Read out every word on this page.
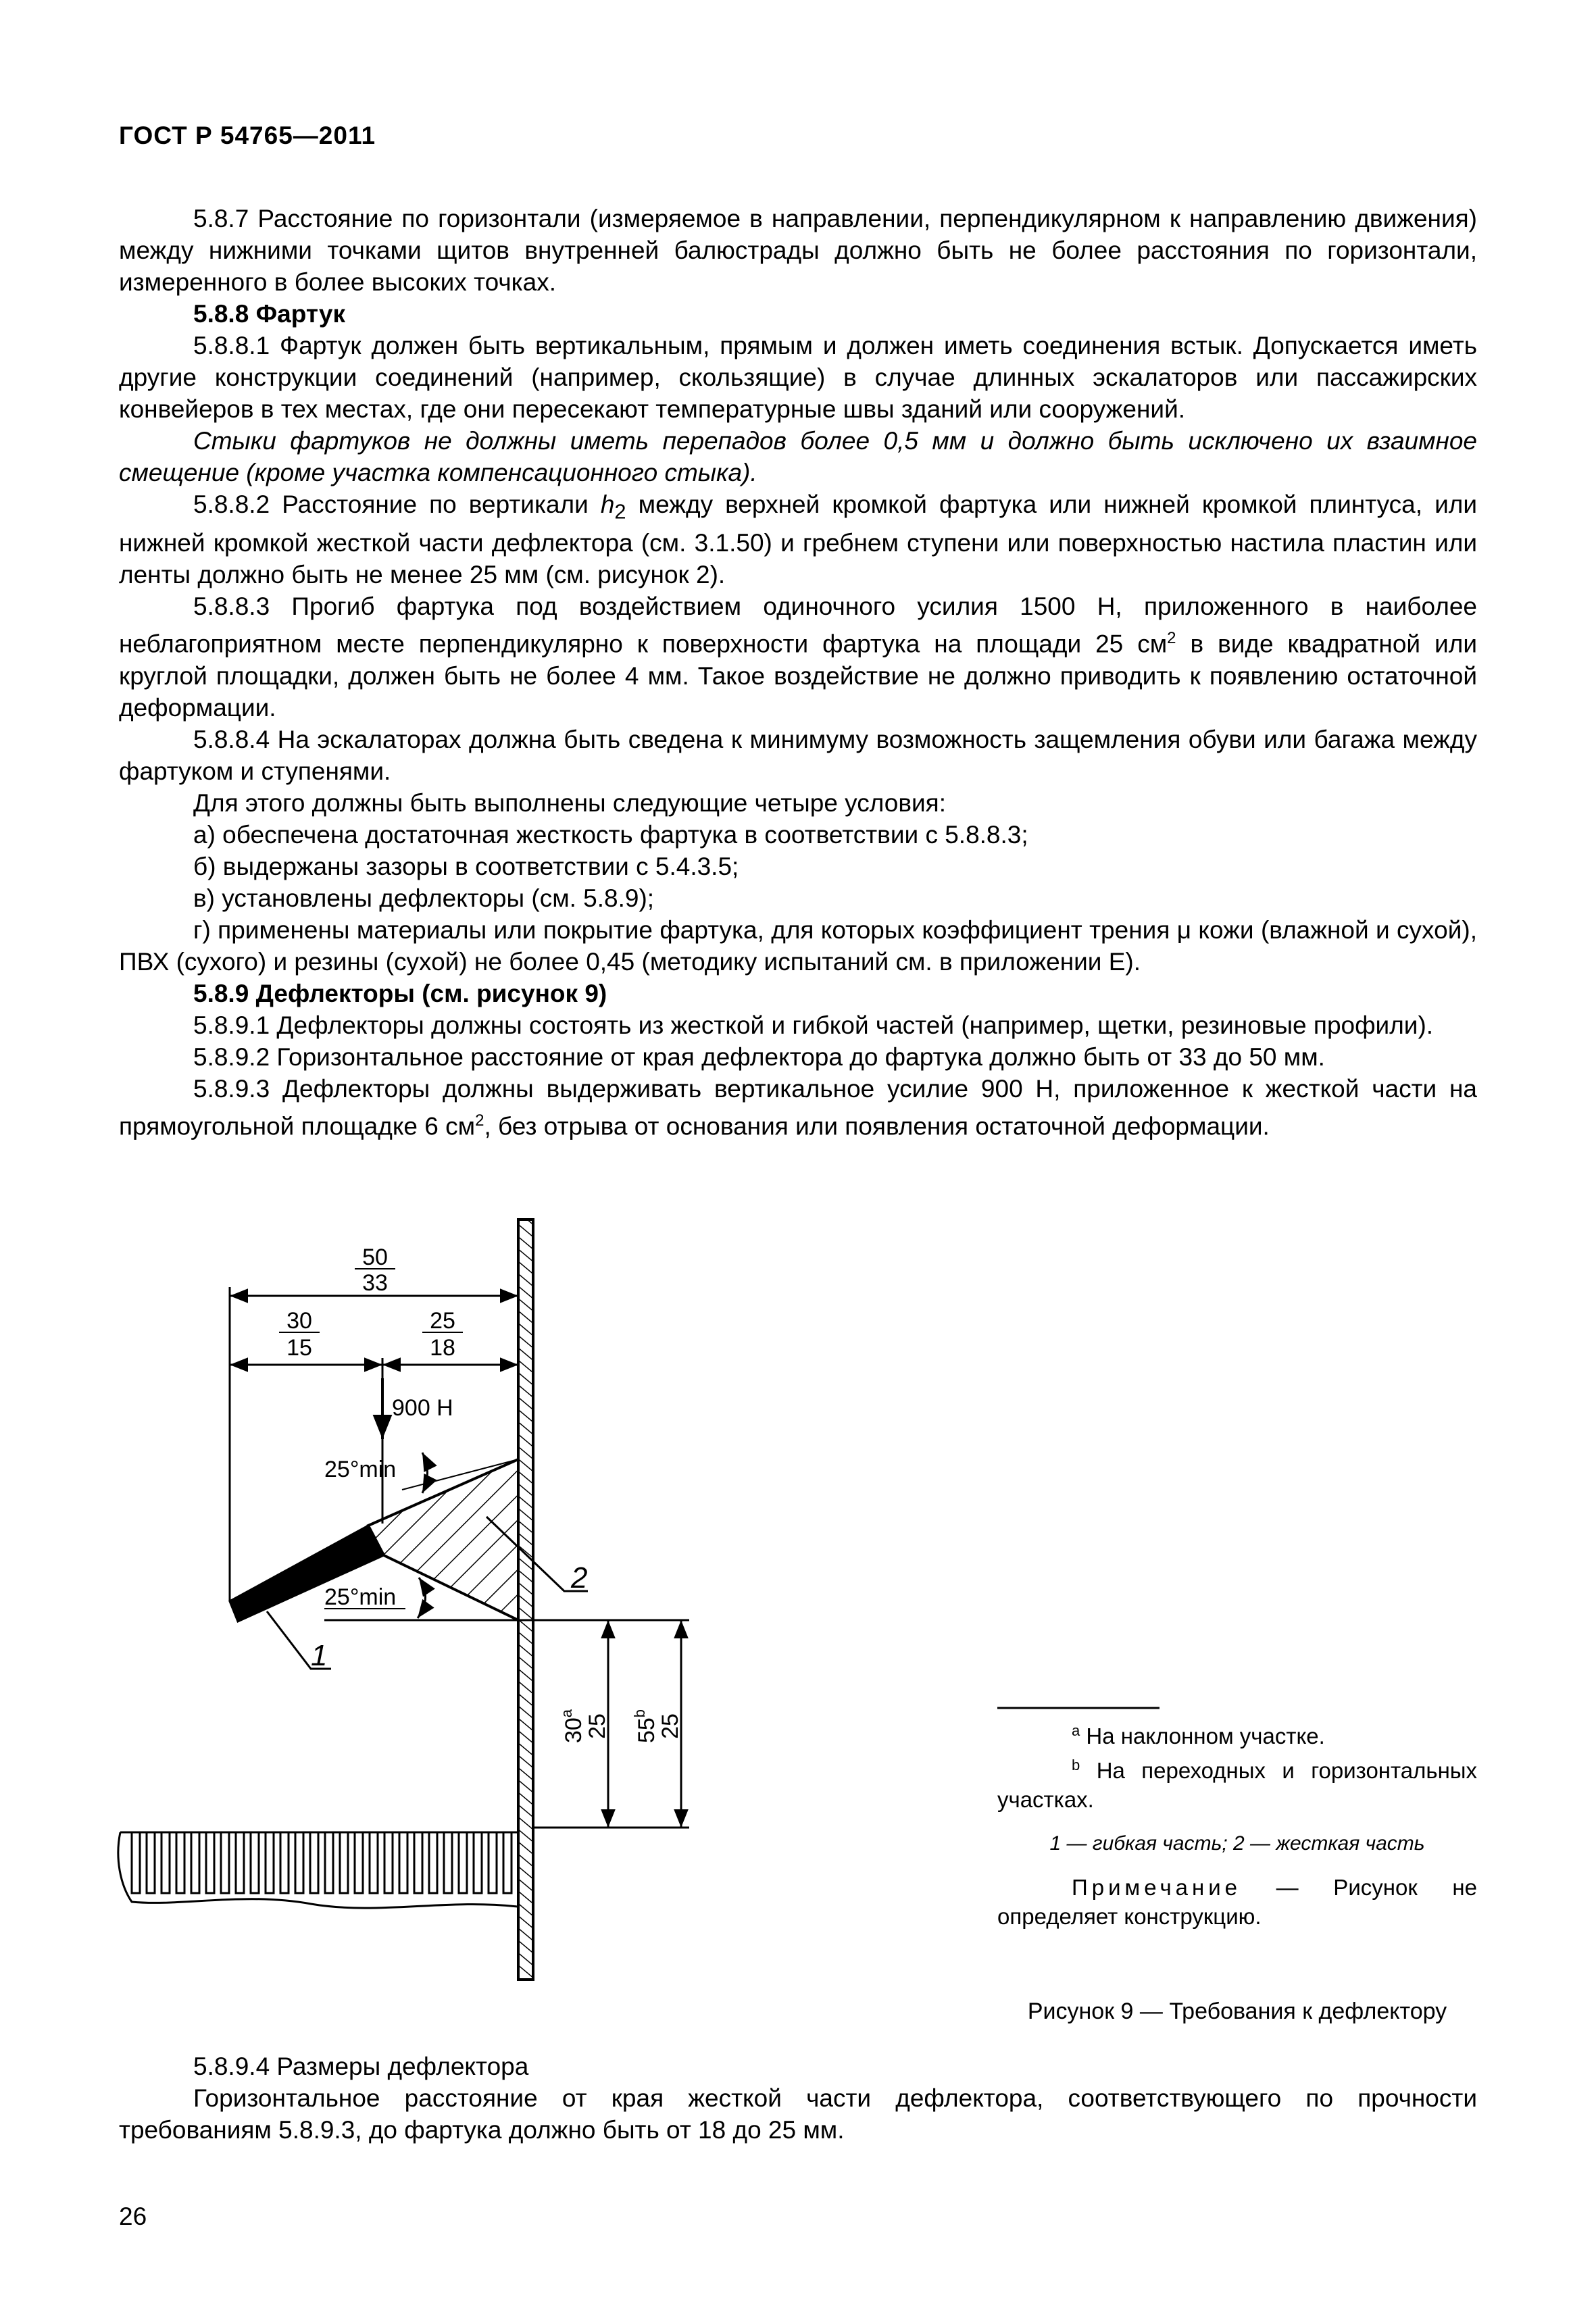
ГОСТ Р 54765—2011

5.8.7 Расстояние по горизонтали (измеряемое в направлении, перпендикулярном к направлению движения) между нижними точками щитов внутренней балюстрады должно быть не более расстояния по горизонтали, измеренного в более высоких точках.

5.8.8 Фартук

5.8.8.1 Фартук должен быть вертикальным, прямым и должен иметь соединения встык. Допускается иметь другие конструкции соединений (например, скользящие) в случае длинных эскалаторов или пассажирских конвейеров в тех местах, где они пересекают температурные швы зданий или сооружений.

Стыки фартуков не должны иметь перепадов более 0,5 мм и должно быть исключено их взаимное смещение (кроме участка компенсационного стыка).

5.8.8.2 Расстояние по вертикали $h_2$ между верхней кромкой фартука или нижней кромкой плинтуса, или нижней кромкой жесткой части дефлектора (см. 3.1.50) и гребнем ступени или поверхностью настила пластин или ленты должно быть не менее 25 мм (см. рисунок 2).

5.8.8.3 Прогиб фартука под воздействием одиночного усилия 1500 Н, приложенного в наиболее неблагоприятном месте перпендикулярно к поверхности фартука на площади 25 $см^2$ в виде квадратной или круглой площадки, должен быть не более 4 мм. Такое воздействие не должно приводить к появлению остаточной деформации.

5.8.8.4 На эскалаторах должна быть сведена к минимуму возможность защемления обуви или багажа между фартуком и ступенями.

Для этого должны быть выполнены следующие четыре условия:

а) обеспечена достаточная жесткость фартука в соответствии с 5.8.8.3;

б) выдержаны зазоры в соответствии с 5.4.3.5;

в) установлены дефлекторы (см. 5.8.9);

г) применены материалы или покрытие фартука, для которых коэффициент трения μ кожи (влажной и сухой), ПВХ (сухого) и резины (сухой) не более 0,45 (методику испытаний см. в приложении Е).

5.8.9 Дефлекторы (см. рисунок 9)

5.8.9.1 Дефлекторы должны состоять из жесткой и гибкой частей (например, щетки, резиновые профили).

5.8.9.2 Горизонтальное расстояние от края дефлектора до фартука должно быть от 33 до 50 мм.

5.8.9.3 Дефлекторы должны выдерживать вертикальное усилие 900 Н, приложенное к жесткой части на прямоугольной площадке 6 $см^2$, без отрыва от основания или появления остаточной деформации.

50
33
30
15
25
18
900 Н
25°min
25°min
1
2
30$^a$ 25 55$^b$ 25	$^a$ На наклонном участке.
$^b$ На переходных и горизонтальных участках.
1 — гибкая часть; 2 — жесткая часть
Примечание — Рисунок не определяет конструкцию.
Рисунок 9 — Требования к дефлектору

5.8.9.4 Размеры дефлектора

Горизонтальное расстояние от края жесткой части дефлектора, соответствующего по прочности требованиям 5.8.9.3, до фартука должно быть от 18 до 25 мм.

26
